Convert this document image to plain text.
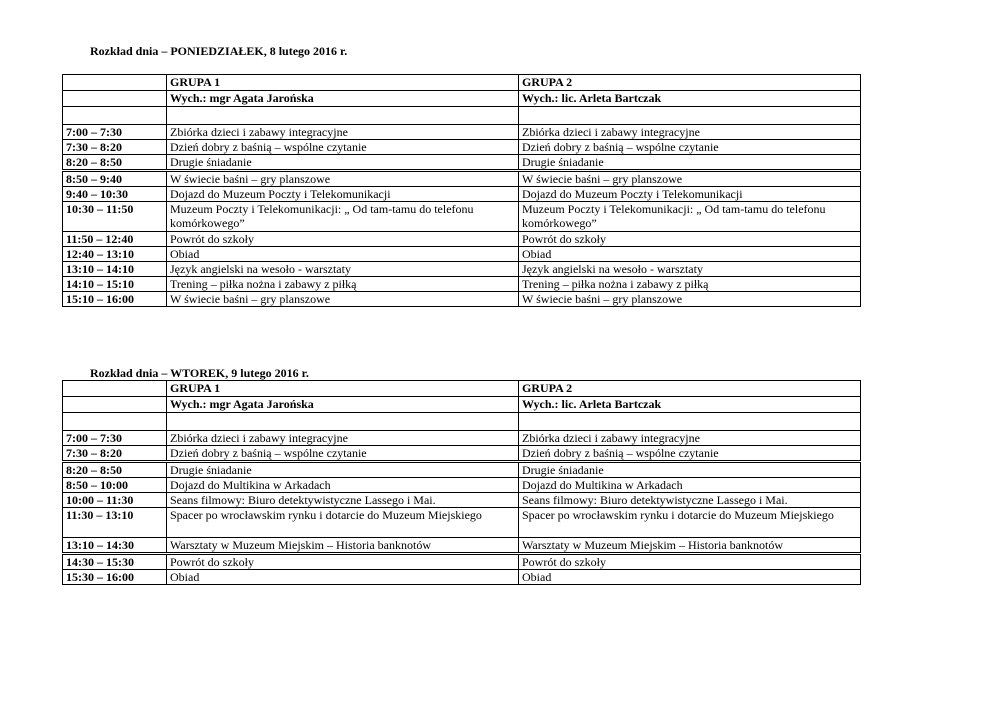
Rozkład dnia – PONIEDZIAŁEK, 8 lutego 2016 r.
	GRUPA 1	GRUPA 2
	Wych.: mgr Agata Jarońska	Wych.: lic. Arleta Bartczak

7:00 – 7:30	Zbiórka dzieci i zabawy integracyjne	Zbiórka dzieci i zabawy integracyjne
7:30 – 8:20	Dzień dobry z baśnią – wspólne czytanie	Dzień dobry z baśnią – wspólne czytanie
8:20 – 8:50	Drugie śniadanie	Drugie śniadanie
8:50 – 9:40	W świecie baśni – gry planszowe	W świecie baśni – gry planszowe
9:40 – 10:30	Dojazd do Muzeum Poczty i Telekomunikacji	Dojazd do Muzeum Poczty i Telekomunikacji
10:30 – 11:50	Muzeum Poczty i Telekomunikacji: „ Od tam-tamu do telefonu komórkowego”	Muzeum Poczty i Telekomunikacji: „ Od tam-tamu do telefonu komórkowego”
11:50 – 12:40	Powrót do szkoły	Powrót do szkoły
12:40 – 13:10	Obiad	Obiad
13:10 – 14:10	Język angielski na wesoło - warsztaty	Język angielski na wesoło - warsztaty
14:10 – 15:10	Trening – piłka nożna i zabawy z piłką	Trening – piłka nożna i zabawy z piłką
15:10 – 16:00	W świecie baśni – gry planszowe	W świecie baśni – gry planszowe
Rozkład dnia – WTOREK, 9 lutego 2016 r.
	GRUPA 1	GRUPA 2
	Wych.: mgr Agata Jarońska	Wych.: lic. Arleta Bartczak

7:00 – 7:30	Zbiórka dzieci i zabawy integracyjne	Zbiórka dzieci i zabawy integracyjne
7:30 – 8:20	Dzień dobry z baśnią – wspólne czytanie	Dzień dobry z baśnią – wspólne czytanie
8:20 – 8:50	Drugie śniadanie	Drugie śniadanie
8:50 – 10:00	Dojazd do Multikina w Arkadach	Dojazd do Multikina w Arkadach
10:00 – 11:30	Seans filmowy: Biuro detektywistyczne Lassego i Mai.	Seans filmowy: Biuro detektywistyczne Lassego i Mai.
11:30 – 13:10	Spacer po wrocławskim rynku i dotarcie do Muzeum Miejskiego	Spacer po wrocławskim rynku i dotarcie do Muzeum Miejskiego
13:10 – 14:30	Warsztaty w Muzeum Miejskim – Historia banknotów	Warsztaty w Muzeum Miejskim – Historia banknotów
14:30 – 15:30	Powrót do szkoły	Powrót do szkoły
15:30 – 16:00	Obiad	Obiad
